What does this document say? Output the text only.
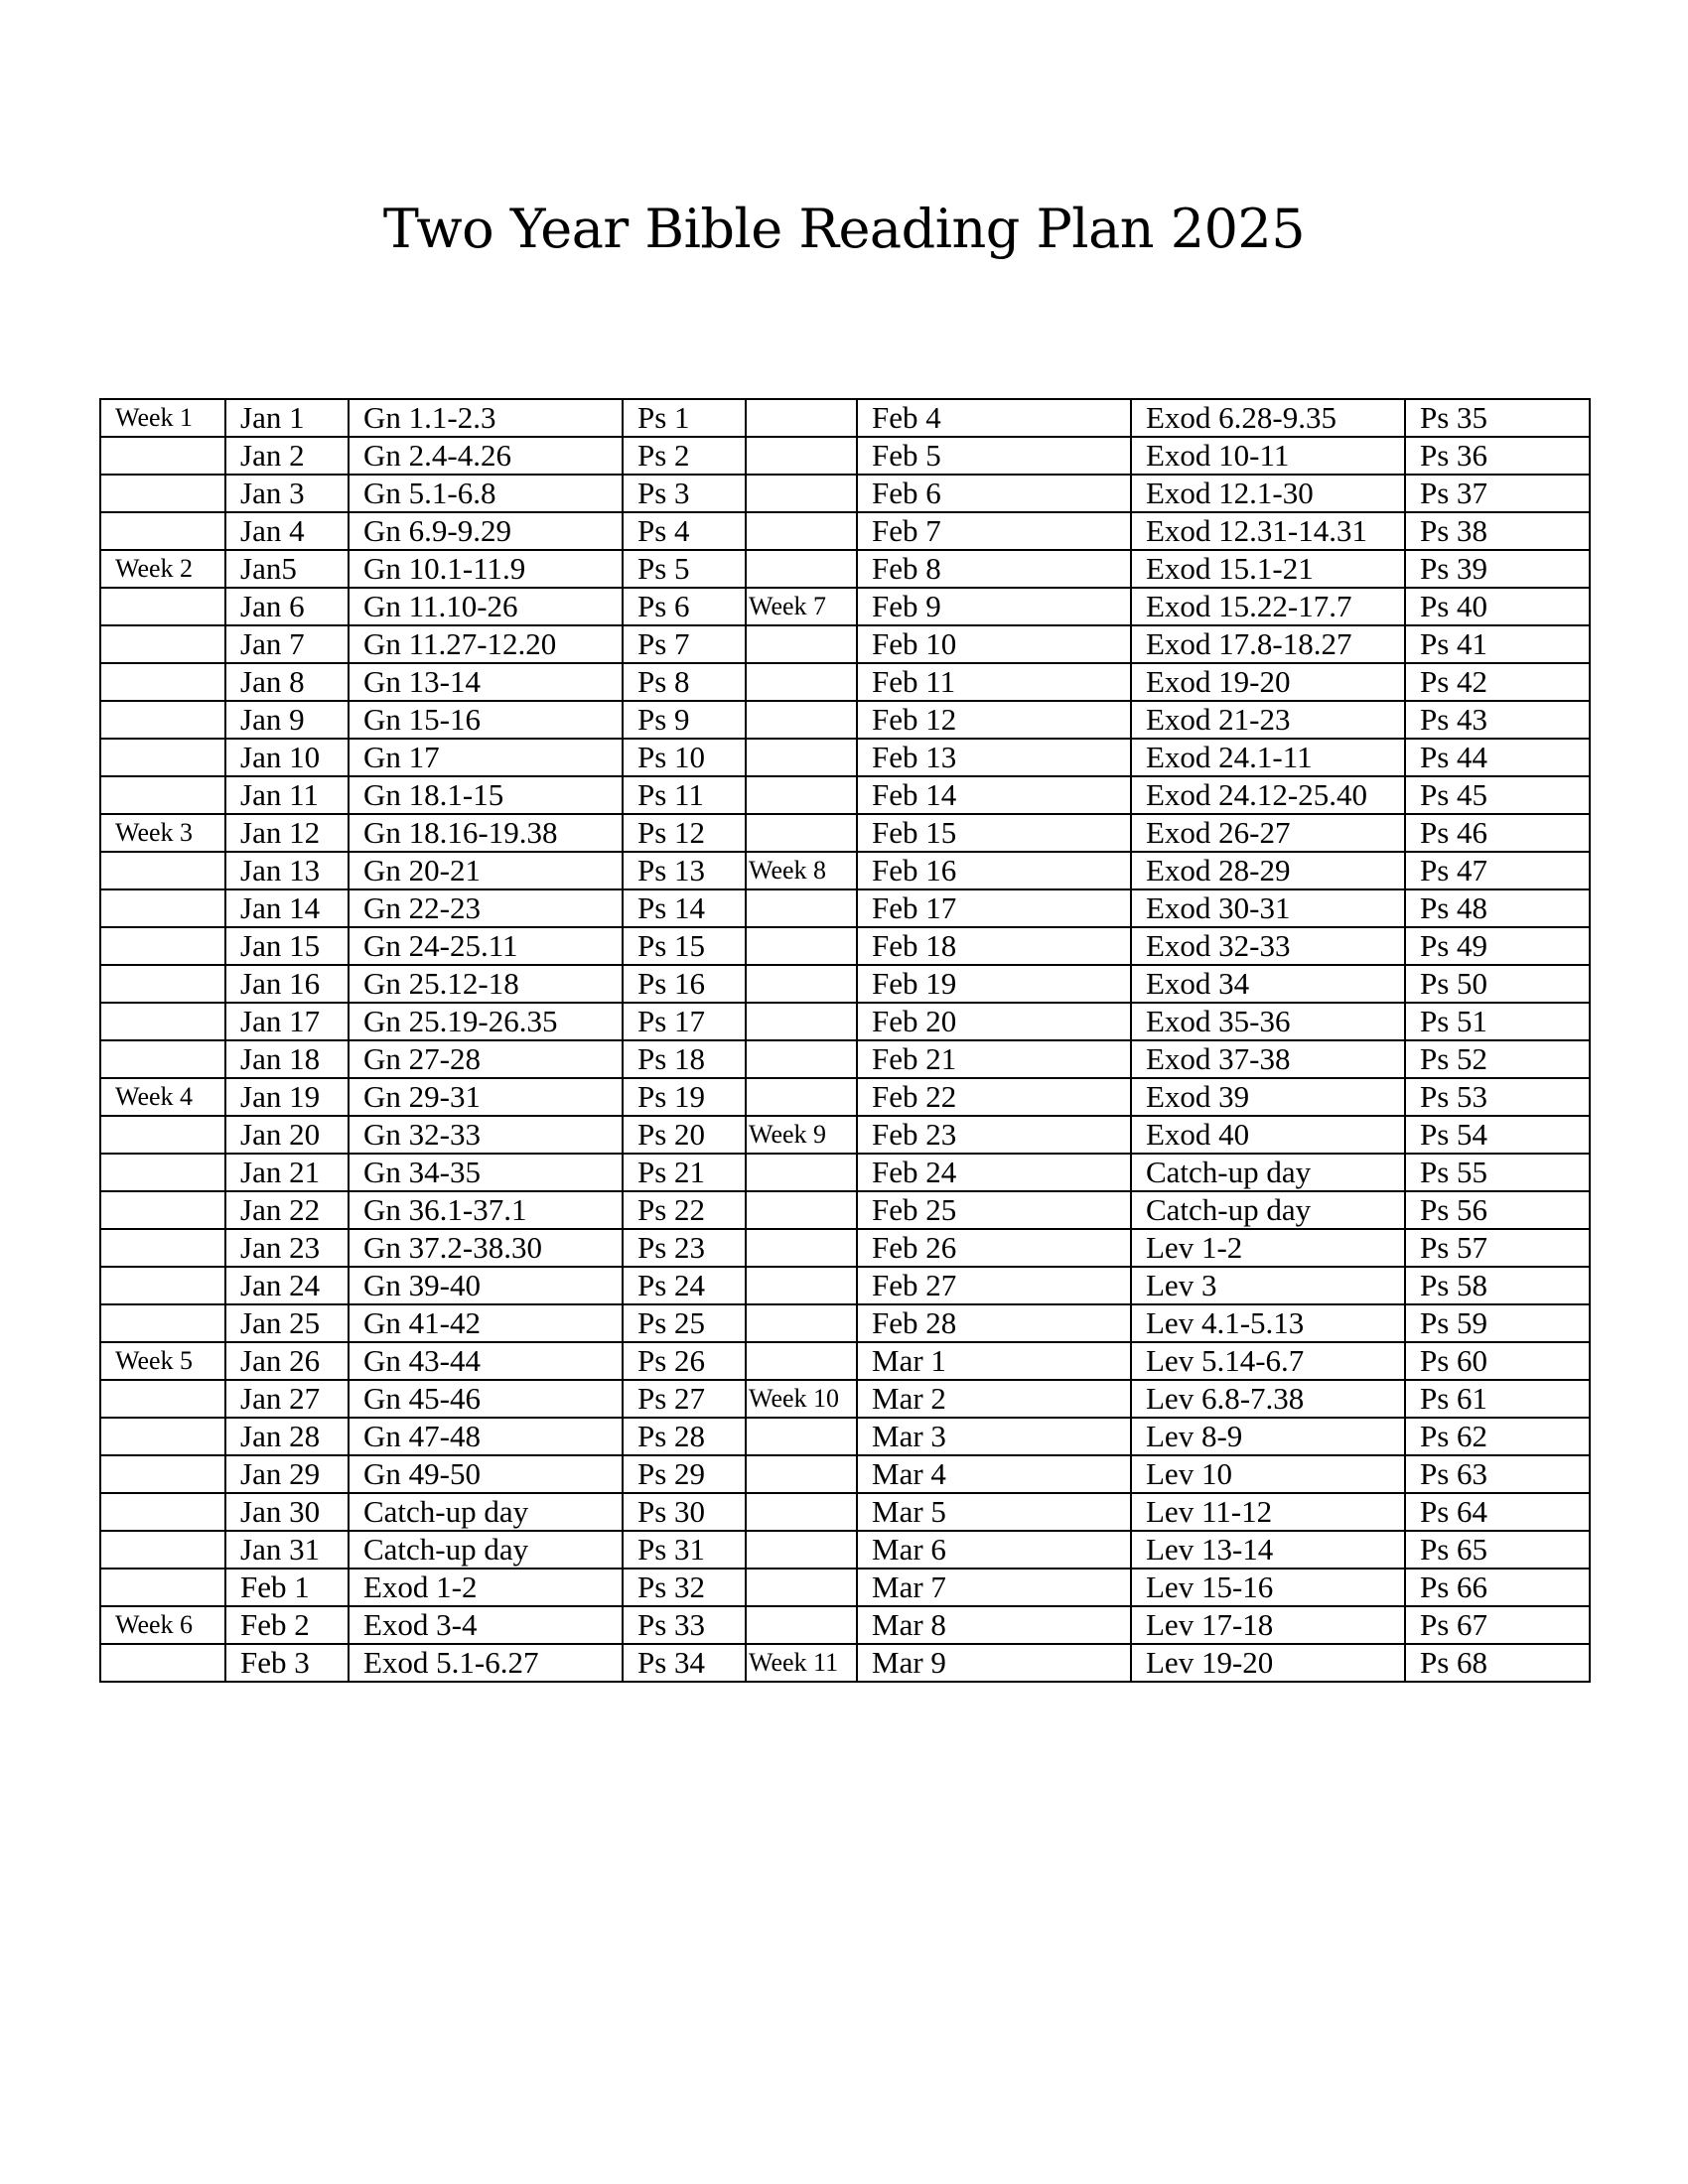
Two Year Bible Reading Plan 2025
Week 1	Jan 1	Gn 1.1-2.3	Ps 1		Feb 4	Exod 6.28-9.35	Ps 35
	Jan 2	Gn 2.4-4.26	Ps 2		Feb 5	Exod 10-11	Ps 36
	Jan 3	Gn 5.1-6.8	Ps 3		Feb 6	Exod 12.1-30	Ps 37
	Jan 4	Gn 6.9-9.29	Ps 4		Feb 7	Exod 12.31-14.31	Ps 38
Week 2	Jan5	Gn 10.1-11.9	Ps 5		Feb 8	Exod 15.1-21	Ps 39
	Jan 6	Gn 11.10-26	Ps 6	Week 7	Feb 9	Exod 15.22-17.7	Ps 40
	Jan 7	Gn 11.27-12.20	Ps 7		Feb 10	Exod 17.8-18.27	Ps 41
	Jan 8	Gn 13-14	Ps 8		Feb 11	Exod 19-20	Ps 42
	Jan 9	Gn 15-16	Ps 9		Feb 12	Exod 21-23	Ps 43
	Jan 10	Gn 17	Ps 10		Feb 13	Exod 24.1-11	Ps 44
	Jan 11	Gn 18.1-15	Ps 11		Feb 14	Exod 24.12-25.40	Ps 45
Week 3	Jan 12	Gn 18.16-19.38	Ps 12		Feb 15	Exod 26-27	Ps 46
	Jan 13	Gn 20-21	Ps 13	Week 8	Feb 16	Exod 28-29	Ps 47
	Jan 14	Gn 22-23	Ps 14		Feb 17	Exod 30-31	Ps 48
	Jan 15	Gn 24-25.11	Ps 15		Feb 18	Exod 32-33	Ps 49
	Jan 16	Gn 25.12-18	Ps 16		Feb 19	Exod 34	Ps 50
	Jan 17	Gn 25.19-26.35	Ps 17		Feb 20	Exod 35-36	Ps 51
	Jan 18	Gn 27-28	Ps 18		Feb 21	Exod 37-38	Ps 52
Week 4	Jan 19	Gn 29-31	Ps 19		Feb 22	Exod 39	Ps 53
	Jan 20	Gn 32-33	Ps 20	Week 9	Feb 23	Exod 40	Ps 54
	Jan 21	Gn 34-35	Ps 21		Feb 24	Catch-up day	Ps 55
	Jan 22	Gn 36.1-37.1	Ps 22		Feb 25	Catch-up day	Ps 56
	Jan 23	Gn 37.2-38.30	Ps 23		Feb 26	Lev 1-2	Ps 57
	Jan 24	Gn 39-40	Ps 24		Feb 27	Lev 3	Ps 58
	Jan 25	Gn 41-42	Ps 25		Feb 28	Lev 4.1-5.13	Ps 59
Week 5	Jan 26	Gn 43-44	Ps 26		Mar 1	Lev 5.14-6.7	Ps 60
	Jan 27	Gn 45-46	Ps 27	Week 10	Mar 2	Lev 6.8-7.38	Ps 61
	Jan 28	Gn 47-48	Ps 28		Mar 3	Lev 8-9	Ps 62
	Jan 29	Gn 49-50	Ps 29		Mar 4	Lev 10	Ps 63
	Jan 30	Catch-up day	Ps 30		Mar 5	Lev 11-12	Ps 64
	Jan 31	Catch-up day	Ps 31		Mar 6	Lev 13-14	Ps 65
	Feb 1	Exod 1-2	Ps 32		Mar 7	Lev 15-16	Ps 66
Week 6	Feb 2	Exod 3-4	Ps 33		Mar 8	Lev 17-18	Ps 67
	Feb 3	Exod 5.1-6.27	Ps 34	Week 11	Mar 9	Lev 19-20	Ps 68
